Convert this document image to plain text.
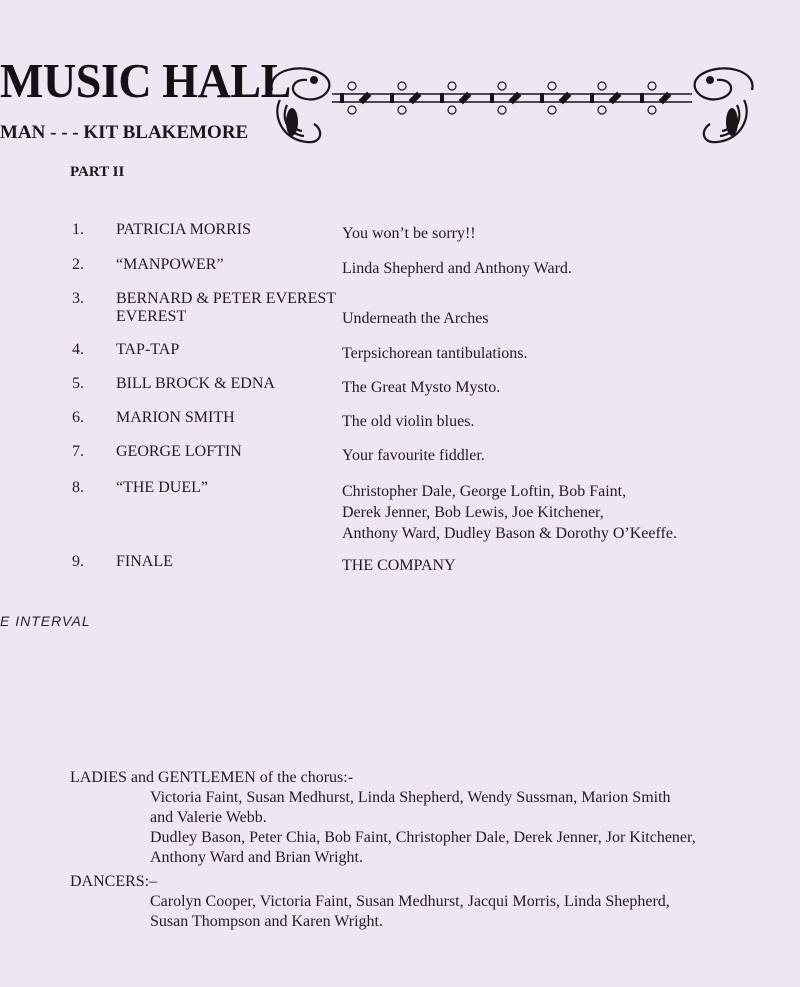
MUSIC HALL

MAN - - - KIT BLAKEMORE

PART II

1.	PATRICIA MORRIS	You won’t be sorry!!
2.	“MANPOWER”	Linda Shepherd and Anthony Ward.
3.	BERNARD & PETER EVEREST
EVEREST	Underneath the Arches
4.	TAP-TAP	Terpsichorean tantibulations.
5.	BILL BROCK & EDNA	The Great Mysto Mysto.
6.	MARION SMITH	The old violin blues.
7.	GEORGE LOFTIN	Your favourite fiddler.
8.	“THE DUEL”	Christopher Dale, George Loftin, Bob Faint,
Derek Jenner, Bob Lewis, Joe Kitchener,
Anthony Ward, Dudley Bason & Dorothy O’Keeffe.
9.	FINALE	THE COMPANY

E INTERVAL

LADIES and GENTLEMEN of the chorus:-
Victoria Faint, Susan Medhurst, Linda Shepherd, Wendy Sussman, Marion Smith
and Valerie Webb.
Dudley Bason, Peter Chia, Bob Faint, Christopher Dale, Derek Jenner, Jor Kitchener,
Anthony Ward and Brian Wright.
DANCERS:–
Carolyn Cooper, Victoria Faint, Susan Medhurst, Jacqui Morris, Linda Shepherd,
Susan Thompson and Karen Wright.
